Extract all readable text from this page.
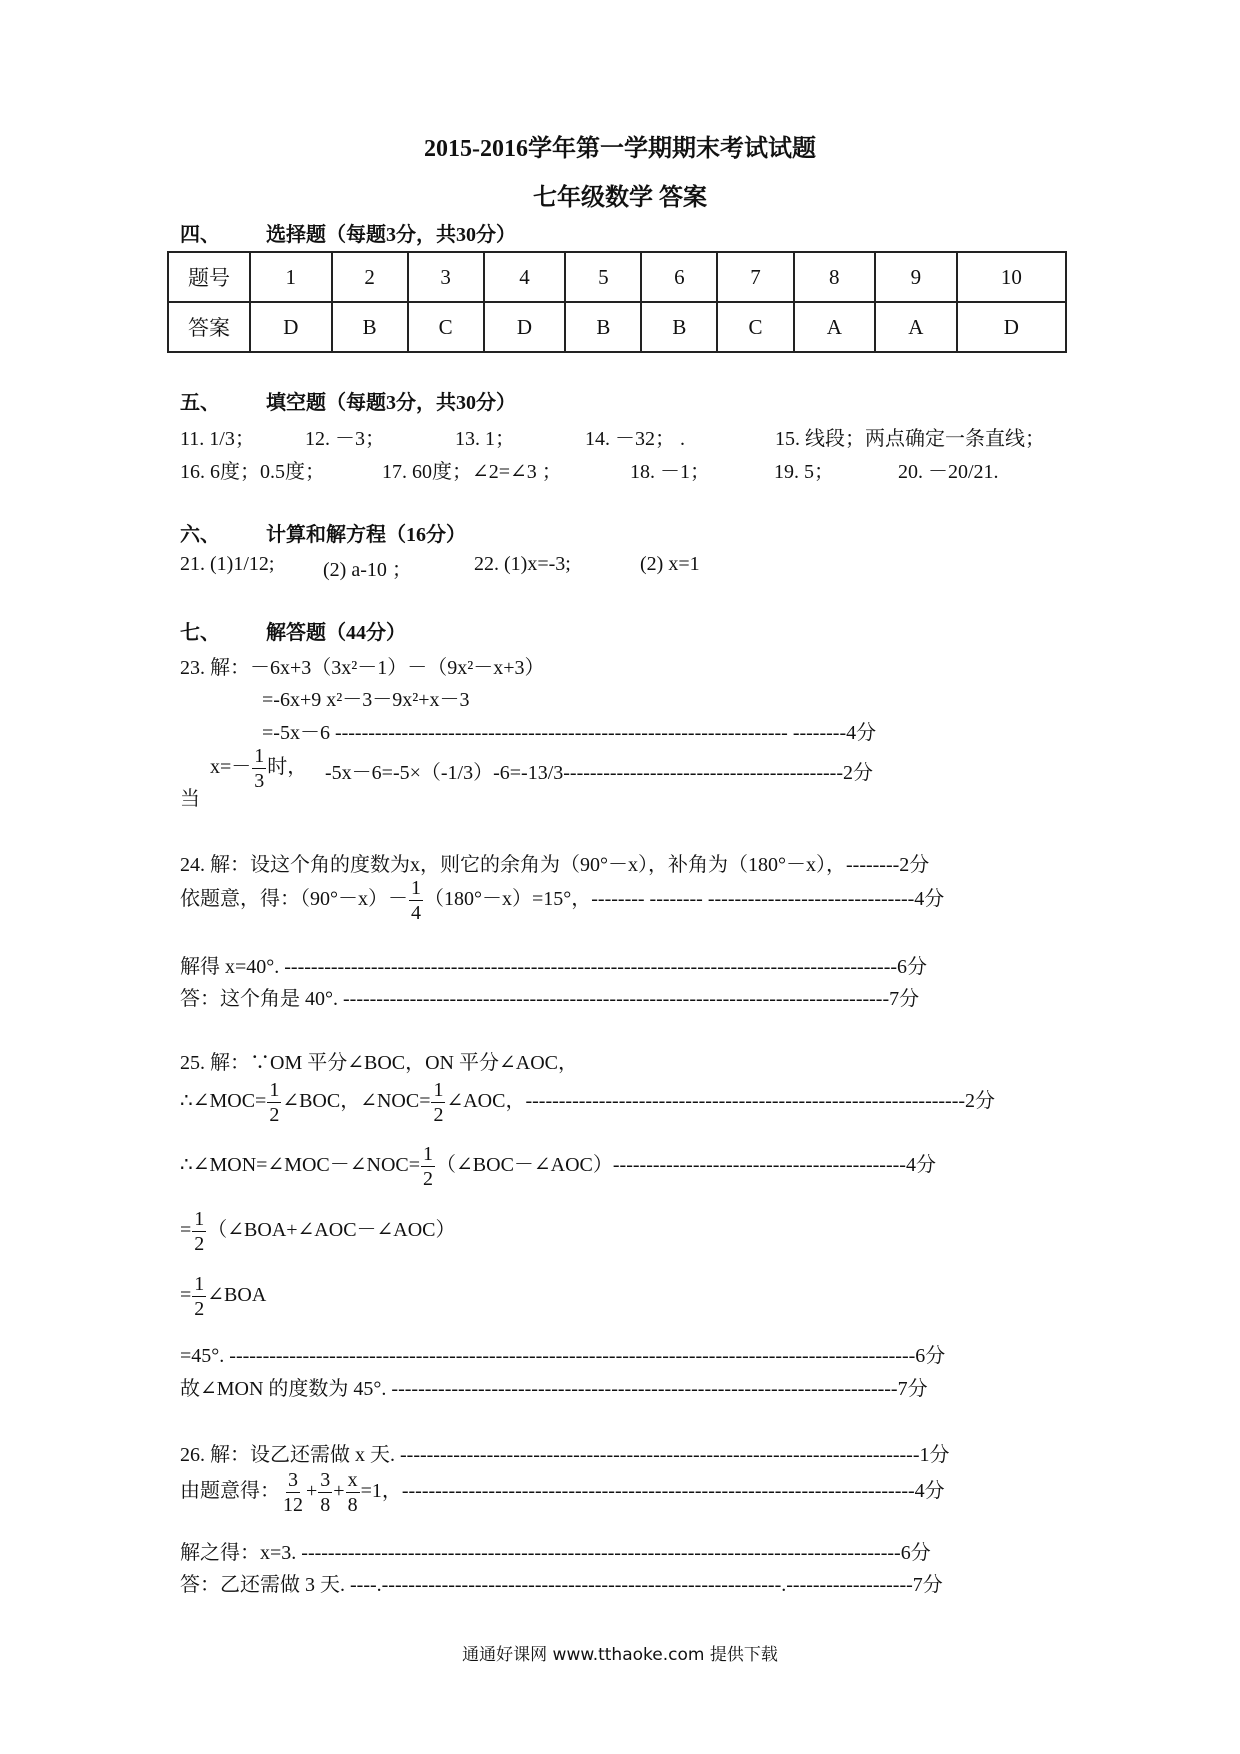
2015-2016学年第一学期期末考试试题
七年级数学 答案
四、 选择题（每题3分，共30分）
题号	1	2	3	4	5	6	7	8	9	10
答案	D	B	C	D	B	B	C	A	A	D
五、 填空题（每题3分，共30分）
11. 1/3；	12. －3；	13. 1；	14. －32； .	15. 线段；两点确定一条直线；
16. 6度；0.5度；	17. 60度；∠2=∠3 ；	18. －1；	19. 5；	20. －20/21.
六、 计算和解方程（16分）
21. (1)1/12; (2) a-10 ；	22. (1)x=-3;	(2) x=1
七、 解答题（44分）
23. 解：－6x+3（3x²－1）－（9x²－x+3）
=-6x+9 x²－3－9x²+x－3
=-5x－6 -------------------------------------------------------------------- --------4分
当
$x=- \frac{1}{3}$ 时， -5x－6=-5×（-1/3）-6=-13/3------------------------------------------2分
24. 解：设这个角的度数为x，则它的余角为（90°－x），补角为（180°－x），--------2分
依题意，得：$(90^\circ-x)- \frac{1}{4} (180^\circ-x)=15^\circ$，-------- -------- -------------------------------4分
解得 x=40°. --------------------------------------------------------------------------------------------6分
答：这个角是 40°. ----------------------------------------------------------------------------------7分
25. 解：∵OM 平分∠BOC，ON 平分∠AOC，
∴∠MOC= $\frac{1}{2}$ ∠BOC，∠NOC= $\frac{1}{2}$ ∠AOC，------------------------------------------------------------------2分
∴∠MON=∠MOC－∠NOC= $\frac{1}{2}$ （∠BOC－∠AOC）--------------------------------------------4分
= $\frac{1}{2}$ （∠BOA+∠AOC－∠AOC）
= $\frac{1}{2}$ ∠BOA
=45°. -------------------------------------------------------------------------------------------------------6分
故∠MON 的度数为 45°. ----------------------------------------------------------------------------7分
26. 解：设乙还需做 x 天. ------------------------------------------------------------------------------1分
由题意得： $\frac{3}{12} + \frac{3}{8} + \frac{x}{8} =1$，-----------------------------------------------------------------------------4分
解之得：x=3. ------------------------------------------------------------------------------------------6分
答：乙还需做 3 天. ----.------------------------------------------------------------.-------------------7分
通通好课网 www.tthaoke.com 提供下载
